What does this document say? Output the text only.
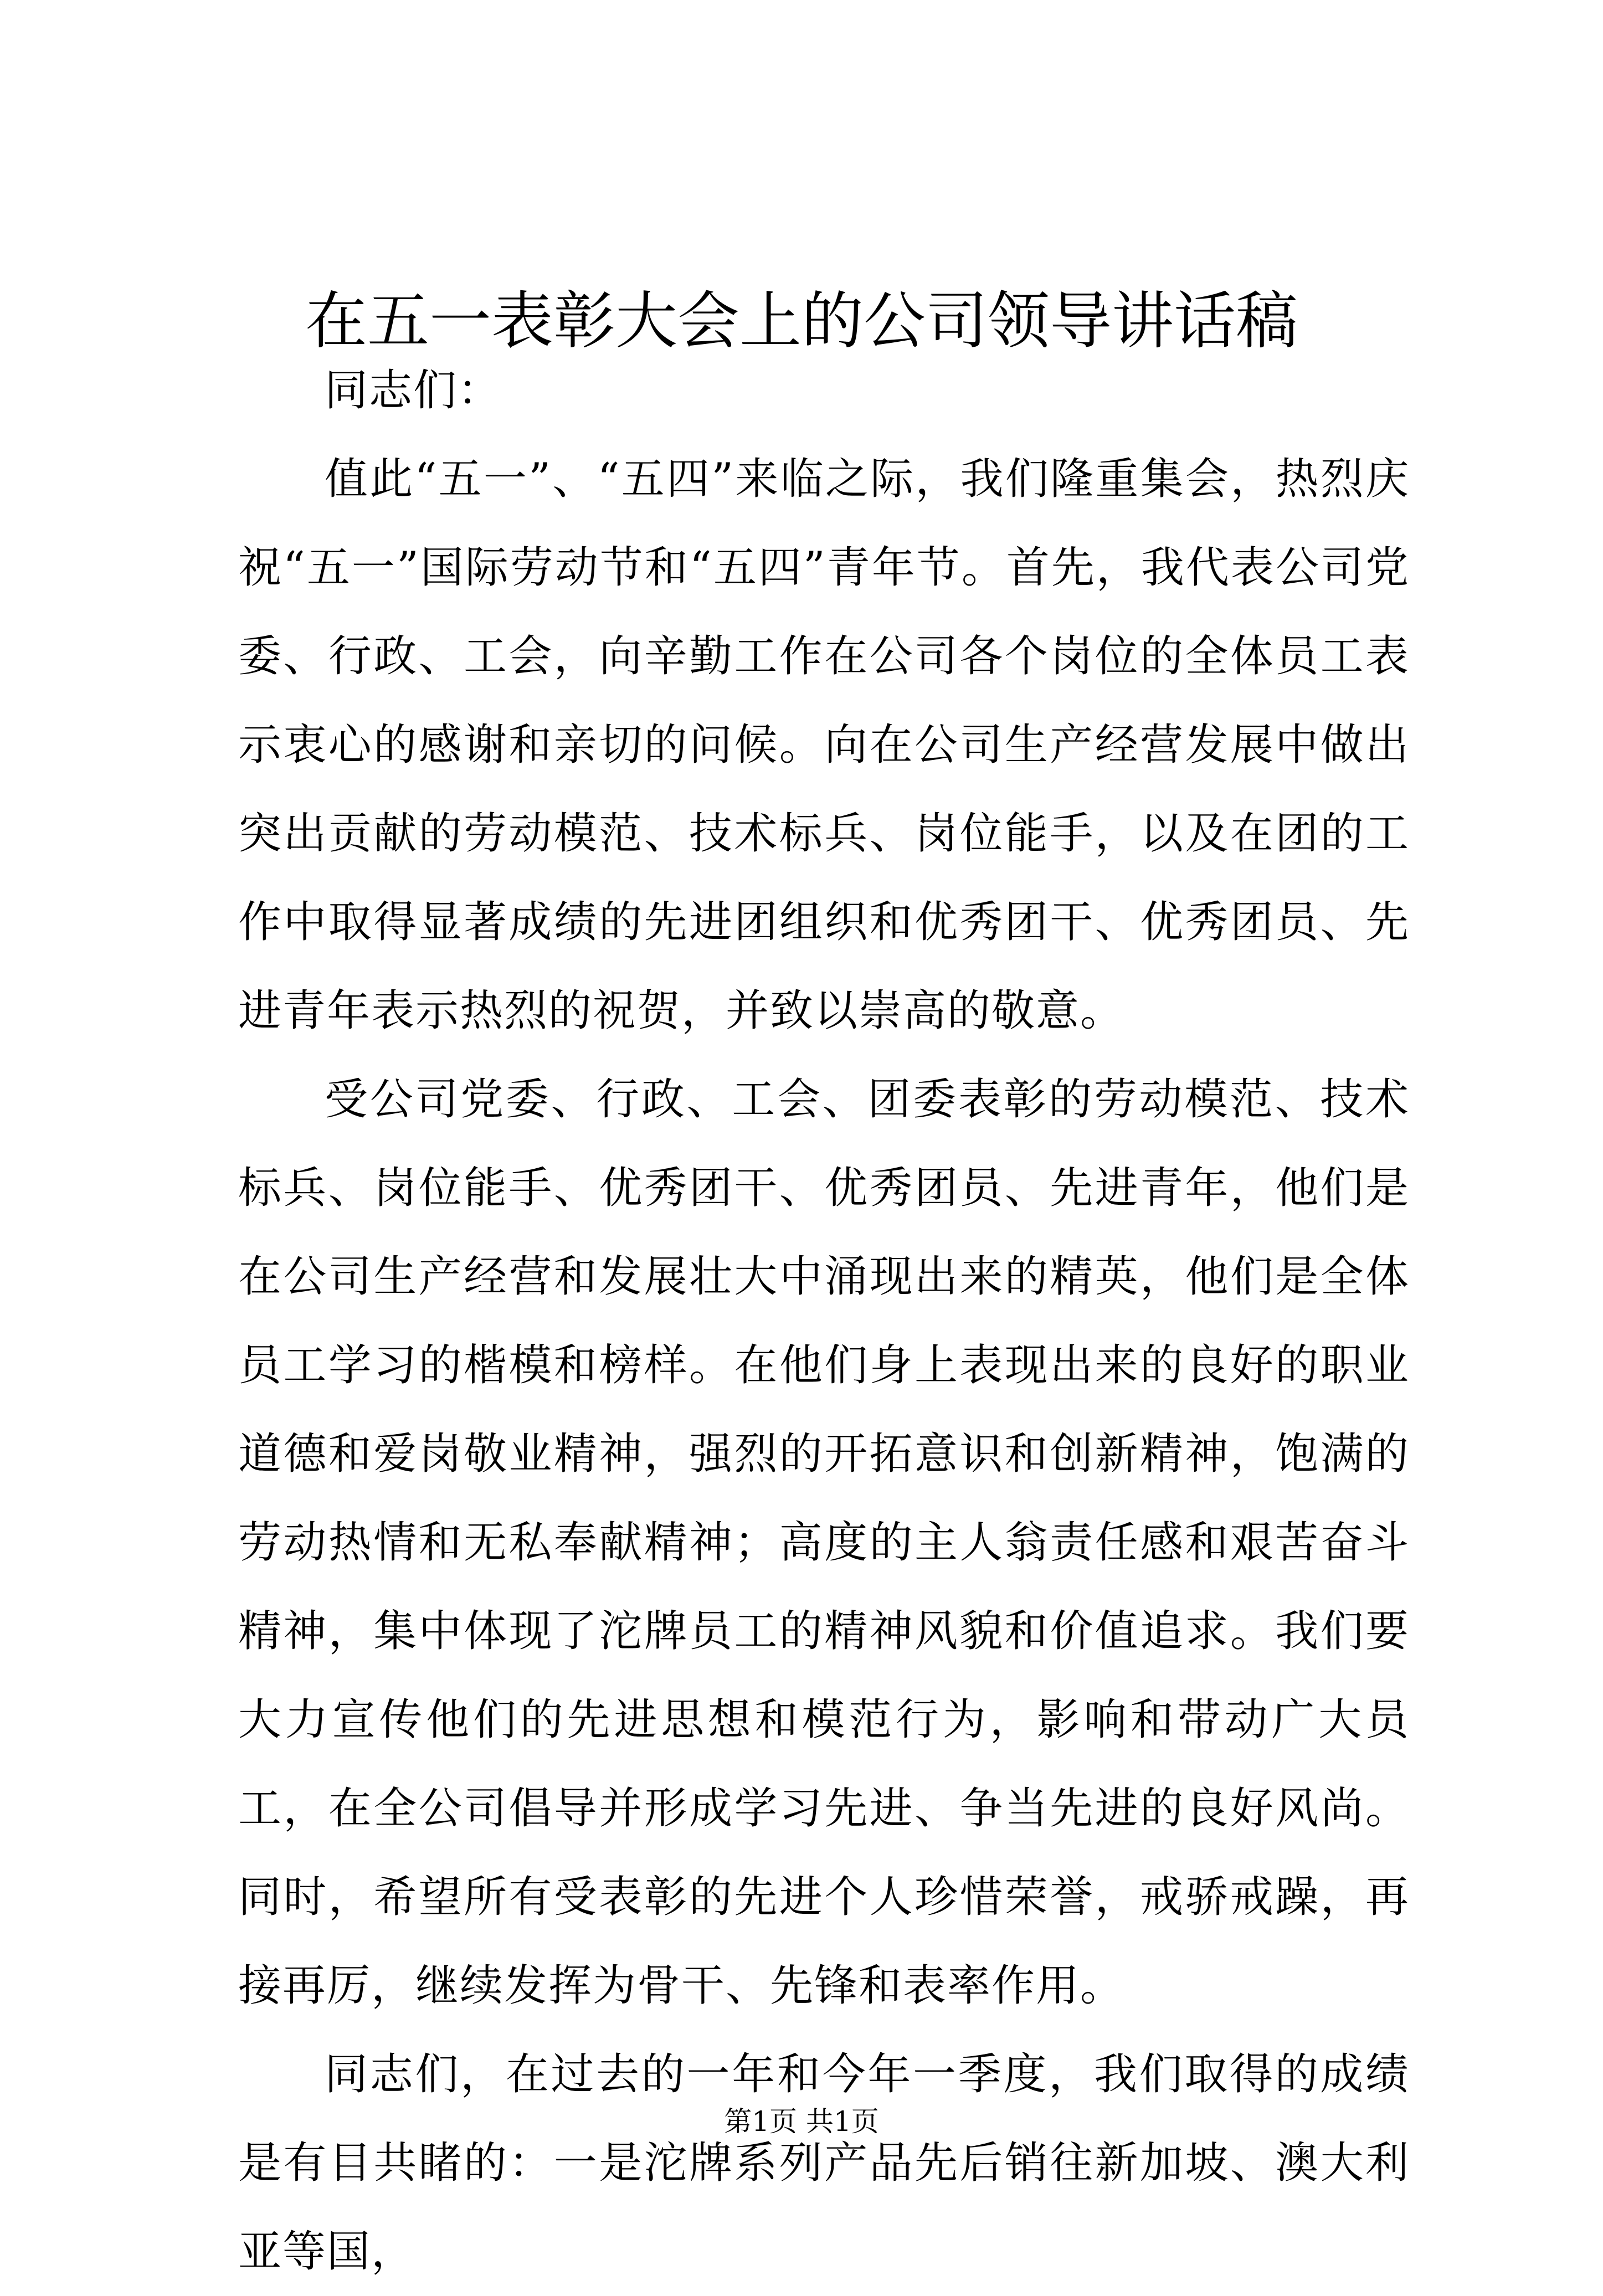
在五一表彰大会上的公司领导讲话稿

同志们：

值此“五一”、“五四”来临之际，我们隆重集会，热烈庆祝“五一”国际劳动节和“五四”青年节。首先，我代表公司党委、行政、工会，向辛勤工作在公司各个岗位的全体员工表示衷心的感谢和亲切的问候。向在公司生产经营发展中做出突出贡献的劳动模范、技术标兵、岗位能手，以及在团的工作中取得显著成绩的先进团组织和优秀团干、优秀团员、先进青年表示热烈的祝贺，并致以崇高的敬意。

受公司党委、行政、工会、团委表彰的劳动模范、技术标兵、岗位能手、优秀团干、优秀团员、先进青年，他们是在公司生产经营和发展壮大中涌现出来的精英，他们是全体员工学习的楷模和榜样。在他们身上表现出来的良好的职业道德和爱岗敬业精神，强烈的开拓意识和创新精神，饱满的劳动热情和无私奉献精神；高度的主人翁责任感和艰苦奋斗精神，集中体现了沱牌员工的精神风貌和价值追求。我们要大力宣传他们的先进思想和模范行为，影响和带动广大员工，在全公司倡导并形成学习先进、争当先进的良好风尚。同时，希望所有受表彰的先进个人珍惜荣誉，戒骄戒躁，再接再厉，继续发挥为骨干、先锋和表率作用。

同志们，在过去的一年和今年一季度，我们取得的成绩是有目共睹的：一是沱牌系列产品先后销往新加坡、澳大利亚等国，

第1页 共1页
